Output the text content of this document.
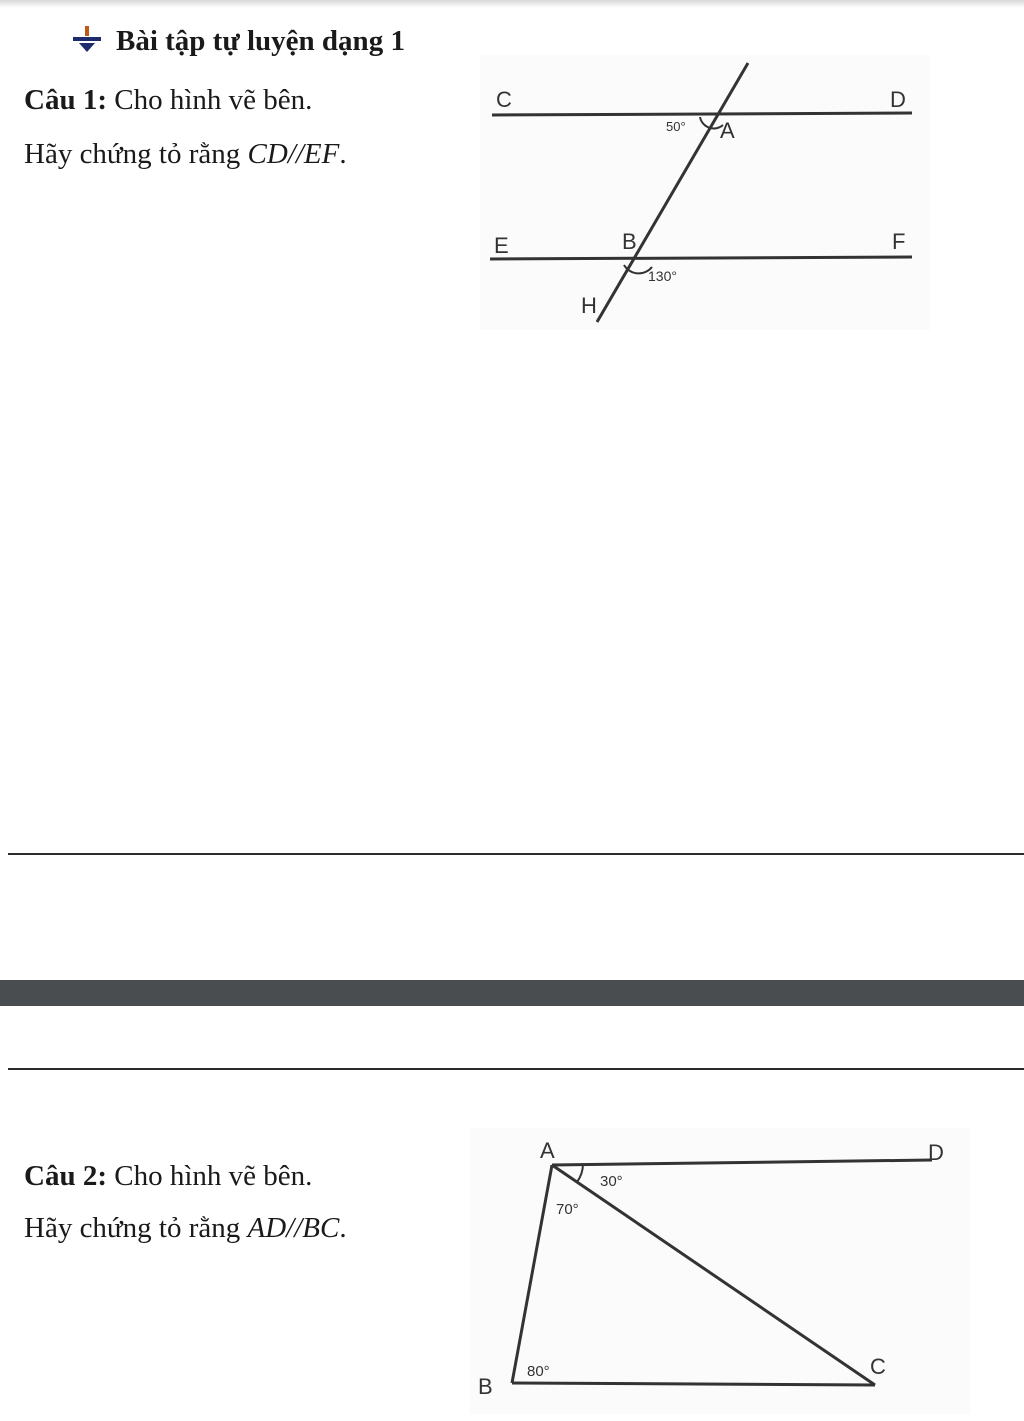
Bài tập tự luyện dạng 1
Câu 1: Cho hình vẽ bên.
Hãy chứng tỏ rằng CD//EF.
C	D
A
E	F
B
H
50°
130°
Câu 2: Cho hình vẽ bên.
Hãy chứng tỏ rằng AD//BC.
A	D
B
C
30°
70°
80°
